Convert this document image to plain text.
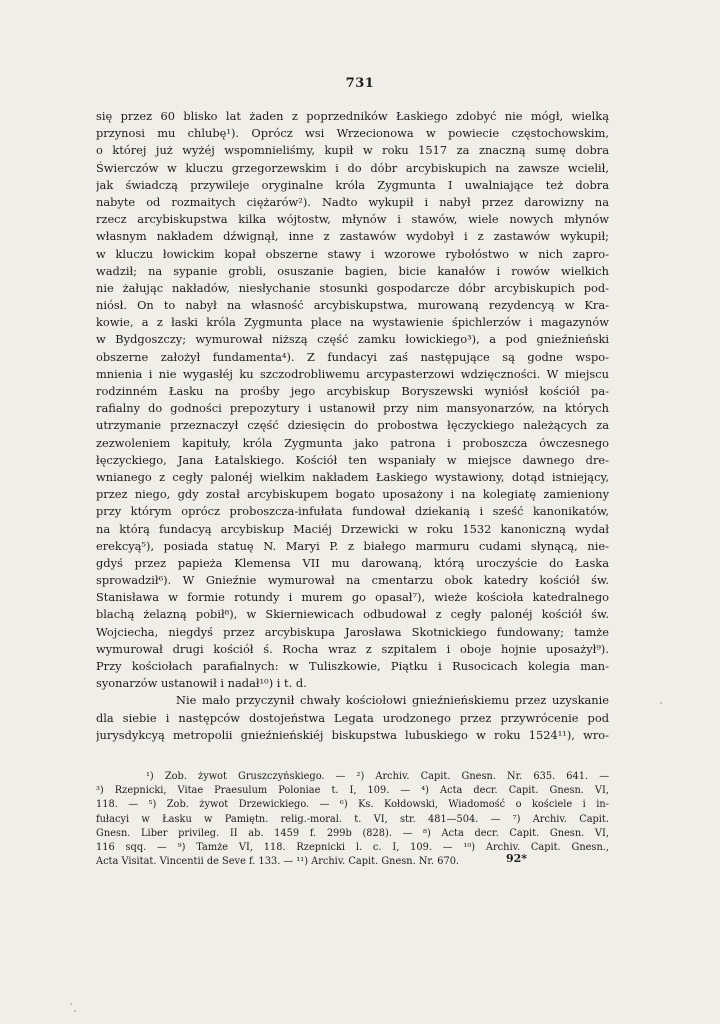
731
się przez 60 blisko lat żaden z poprzedników Łaskiego zdobyć nie mógł, wielką
przynosi mu chlubę¹). Oprócz wsi Wrzecionowa w powiecie częstochowskim,
o której już wyżéj wspomnieliśmy, kupił w roku 1517 za znaczną sumę dobra
Świerczów w kluczu grzegorzewskim i do dóbr arcybiskupich na zawsze wcielił,
jak świadczą przywileje oryginalne króla Zygmunta I uwalniające też dobra
nabyte od rozmaitych ciężarów²). Nadto wykupił i nabył przez darowizny na
rzecz arcybiskupstwa kilka wójtostw, młynów i stawów, wiele nowych młynów
własnym nakładem dźwignął, inne z zastawów wydobył i z zastawów wykupił;
w kluczu łowickim kopał obszerne stawy i wzorowe rybołóstwo w nich zapro-
wadził; na sypanie grobli, osuszanie bagien, bicie kanałów i rowów wielkich
nie żałując nakładów, niesłychanie stosunki gospodarcze dóbr arcybiskupich pod-
niósł. On to nabył na własność arcybiskupstwa, murowaną rezydencyą w Kra-
kowie, a z łaski króla Zygmunta place na wystawienie śpichlerzów i magazynów
w Bydgoszczy; wymurował niższą część zamku łowickiego³), a pod gnieźnieński
obszerne założył fundamenta⁴). Z fundacyi zaś następujące są godne wspo-
mnienia i nie wygasłéj ku szczodrobliwemu arcypasterzowi wdzięczności. W miejscu
rodzinném Łasku na prośby jego arcybiskup Boryszewski wyniósł kościół pa-
rafialny do godności prepozytury i ustanowił przy nim mansyonarzów, na których
utrzymanie przeznaczył część dziesięcin do probostwa łęczyckiego należących za
zezwoleniem kapituły, króla Zygmunta jako patrona i proboszcza ówczesnego
łęczyckiego, Jana Łatalskiego. Kościół ten wspaniały w miejsce dawnego dre-
wnianego z cegły palonéj wielkim nakładem Łaskiego wystawiony, dotąd istniejący,
przez niego, gdy został arcybiskupem bogato uposażony i na kolegiatę zamieniony
przy którym oprócz proboszcza-infułata fundował dziekanią i sześć kanonikatów,
na którą fundacyą arcybiskup Maciéj Drzewicki w roku 1532 kanoniczną wydał
erekcyą⁵), posiada statuę N. Maryi P. z białego marmuru cudami słynącą, nie-
gdyś przez papieża Klemensa VII mu darowaną, którą uroczyście do Łaska
sprowadził⁶). W Gnieźnie wymurował na cmentarzu obok katedry kościół św.
Stanisława w formie rotundy i murem go opasał⁷), wieże kościoła katedralnego
blachą żelazną pobił⁸), w Skierniewicach odbudował z cegły palonéj kościół św.
Wojciecha, niegdyś przez arcybiskupa Jarosława Skotnickiego fundowany; tamże
wymurował drugi kościół ś. Rocha wraz z szpitalem i oboje hojnie uposażył⁹).
Przy kościołach parafialnych: w Tuliszkowie, Piątku i Rusocicach kolegia man-
syonarzów ustanowił i nadał¹⁰) i t. d.
Nie mało przyczynił chwały kościołowi gnieźnieńskiemu przez uzyskanie
dla siebie i następców dostojeństwa Legata urodzonego przez przywrócenie pod
jurysdykcyą metropolii gnieźnieńskiéj biskupstwa lubuskiego w roku 1524¹¹), wro-
¹) Zob. żywot Gruszczyńskiego. — ²) Archiv. Capit. Gnesn. Nr. 635. 641. —
³) Rzepnicki, Vitae Praesulum Poloniae t. I, 109. — ⁴) Acta decr. Capit. Gnesn. VI,
118. — ⁵) Zob. żywot Drzewickiego. — ⁶) Ks. Kołdowski, Wiadomość o kościele i in-
fułacyi w Łasku w Pamiętn. relig.-moral. t. VI, str. 481—504. — ⁷) Archiv. Capit.
Gnesn. Liber privileg. II ab. 1459 f. 299b (828). — ⁸) Acta decr. Capit. Gnesn. VI,
116 sqq. — ⁹) Tamże VI, 118. Rzepnicki l. c. I, 109. — ¹⁰) Archiv. Capit. Gnesn.,
Acta Visitat. Vincentii de Seve f. 133. — ¹¹) Archiv. Capit. Gnesn. Nr. 670.	92*
